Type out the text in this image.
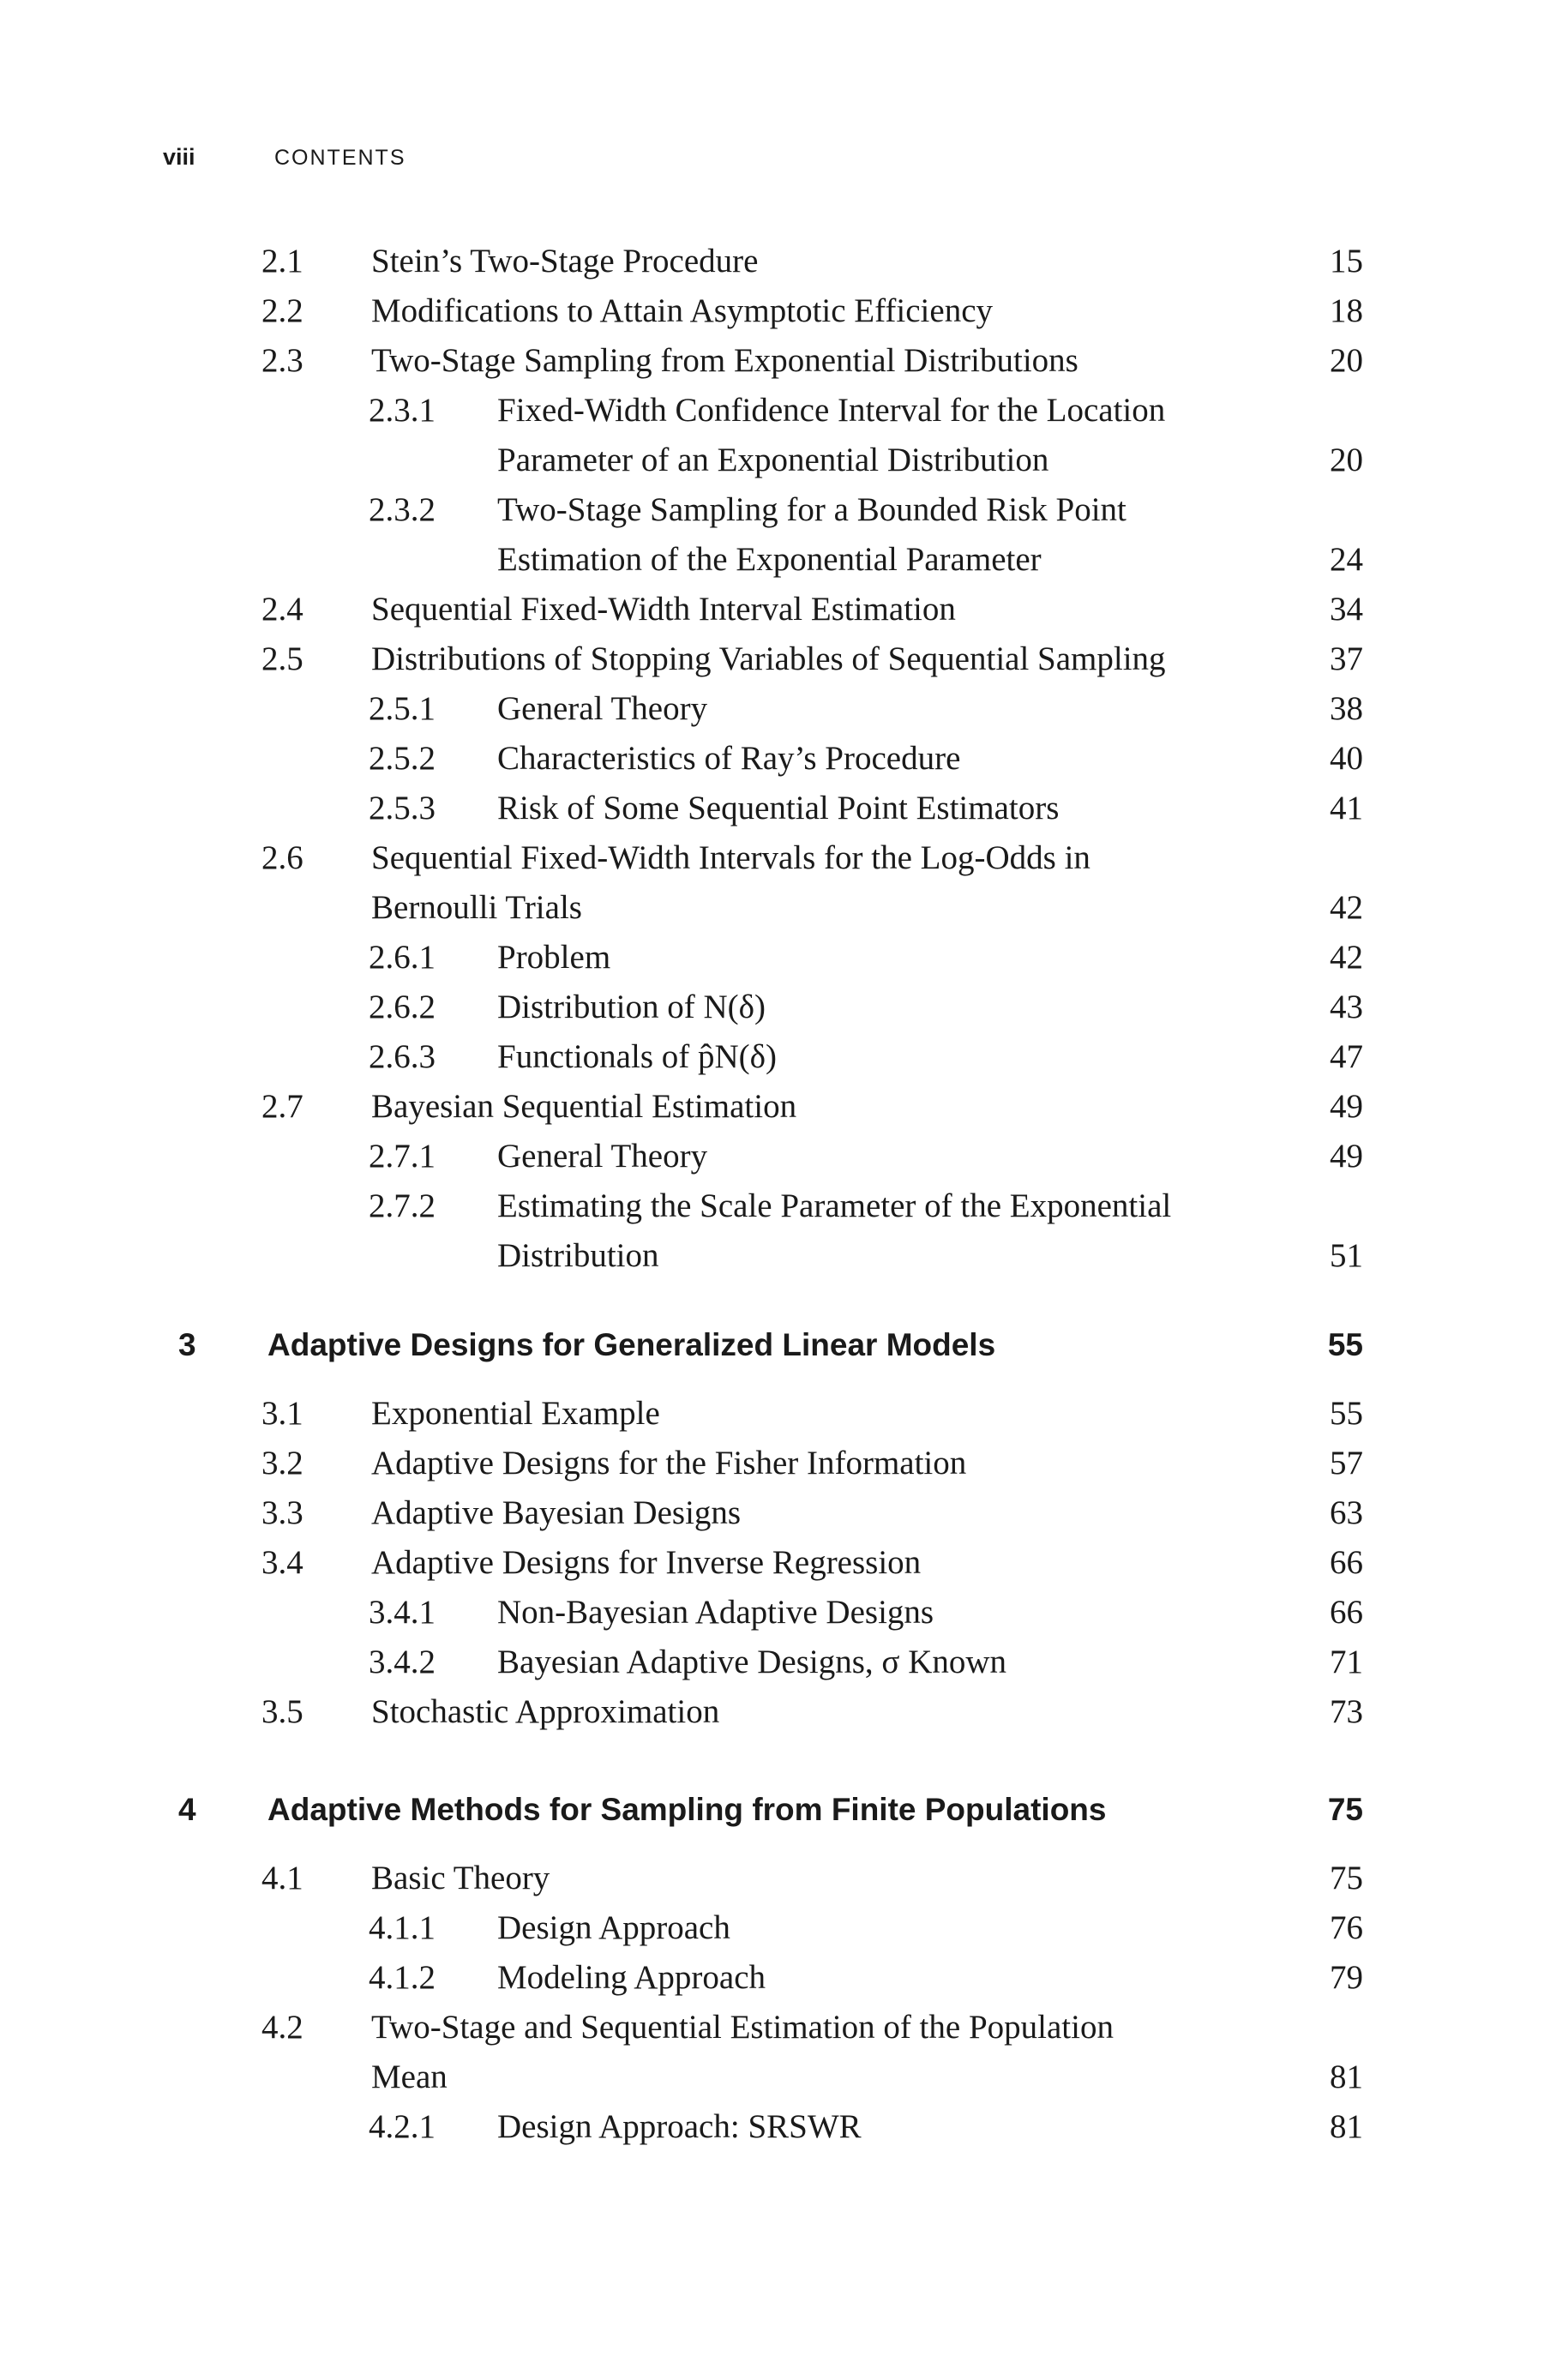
viii	CONTENTS
2.1 Stein’s Two-Stage Procedure	15
2.2 Modifications to Attain Asymptotic Efficiency	18
2.3 Two-Stage Sampling from Exponential Distributions	20
2.3.1 Fixed-Width Confidence Interval for the Location
Parameter of an Exponential Distribution	20
2.3.2 Two-Stage Sampling for a Bounded Risk Point
Estimation of the Exponential Parameter	24
2.4 Sequential Fixed-Width Interval Estimation	34
2.5 Distributions of Stopping Variables of Sequential Sampling	37
2.5.1 General Theory	38
2.5.2 Characteristics of Ray’s Procedure	40
2.5.3 Risk of Some Sequential Point Estimators	41
2.6 Sequential Fixed-Width Intervals for the Log-Odds in
Bernoulli Trials	42
2.6.1 Problem	42
2.6.2 Distribution of N(δ)	43
2.6.3 Functionals of p̂N(δ)	47
2.7 Bayesian Sequential Estimation	49
2.7.1 General Theory	49
2.7.2 Estimating the Scale Parameter of the Exponential
Distribution	51
3 Adaptive Designs for Generalized Linear Models	55
3.1 Exponential Example	55
3.2 Adaptive Designs for the Fisher Information	57
3.3 Adaptive Bayesian Designs	63
3.4 Adaptive Designs for Inverse Regression	66
3.4.1 Non-Bayesian Adaptive Designs	66
3.4.2 Bayesian Adaptive Designs, σ Known	71
3.5 Stochastic Approximation	73
4 Adaptive Methods for Sampling from Finite Populations	75
4.1 Basic Theory	75
4.1.1 Design Approach	76
4.1.2 Modeling Approach	79
4.2 Two-Stage and Sequential Estimation of the Population
Mean	81
4.2.1 Design Approach: SRSWR	81
